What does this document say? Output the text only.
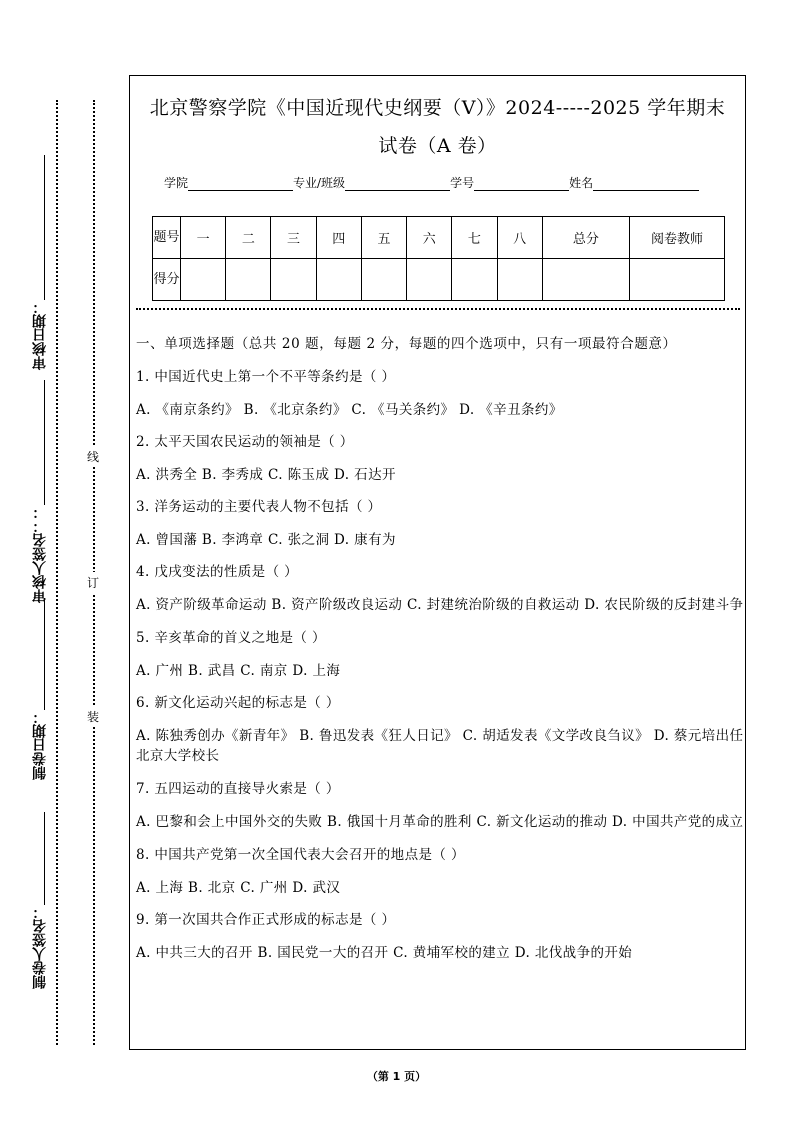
审核日期：
审核人签名：：
制卷日期：
制卷人签名：
线
订
装
北京警察学院《中国近现代史纲要（V）》2024-----2025 学年期末
试卷（A 卷）
学院	专业/班级	学号	姓名
题号	一	二	三	四	五	六	七	八	总分	阅卷教师
得分										

一、单项选择题（总共 20 题，每题 2 分，每题的四个选项中，只有一项最符合题意）

1. 中国近代史上第一个不平等条约是（ ）

A. 《南京条约》 B. 《北京条约》 C. 《马关条约》 D. 《辛丑条约》

2. 太平天国农民运动的领袖是（ ）

A. 洪秀全 B. 李秀成 C. 陈玉成 D. 石达开

3. 洋务运动的主要代表人物不包括（ ）

A. 曾国藩 B. 李鸿章 C. 张之洞 D. 康有为

4. 戊戌变法的性质是（ ）

A. 资产阶级革命运动 B. 资产阶级改良运动 C. 封建统治阶级的自救运动 D. 农民阶级的反封建斗争

5. 辛亥革命的首义之地是（ ）

A. 广州 B. 武昌 C. 南京 D. 上海

6. 新文化运动兴起的标志是（ ）

A. 陈独秀创办《新青年》 B. 鲁迅发表《狂人日记》 C. 胡适发表《文学改良刍议》 D. 蔡元培出任北京大学校长

7. 五四运动的直接导火索是（ ）

A. 巴黎和会上中国外交的失败 B. 俄国十月革命的胜利 C. 新文化运动的推动 D. 中国共产党的成立

8. 中国共产党第一次全国代表大会召开的地点是（ ）

A. 上海 B. 北京 C. 广州 D. 武汉

9. 第一次国共合作正式形成的标志是（ ）

A. 中共三大的召开 B. 国民党一大的召开 C. 黄埔军校的建立 D. 北伐战争的开始

（第 1 页）
